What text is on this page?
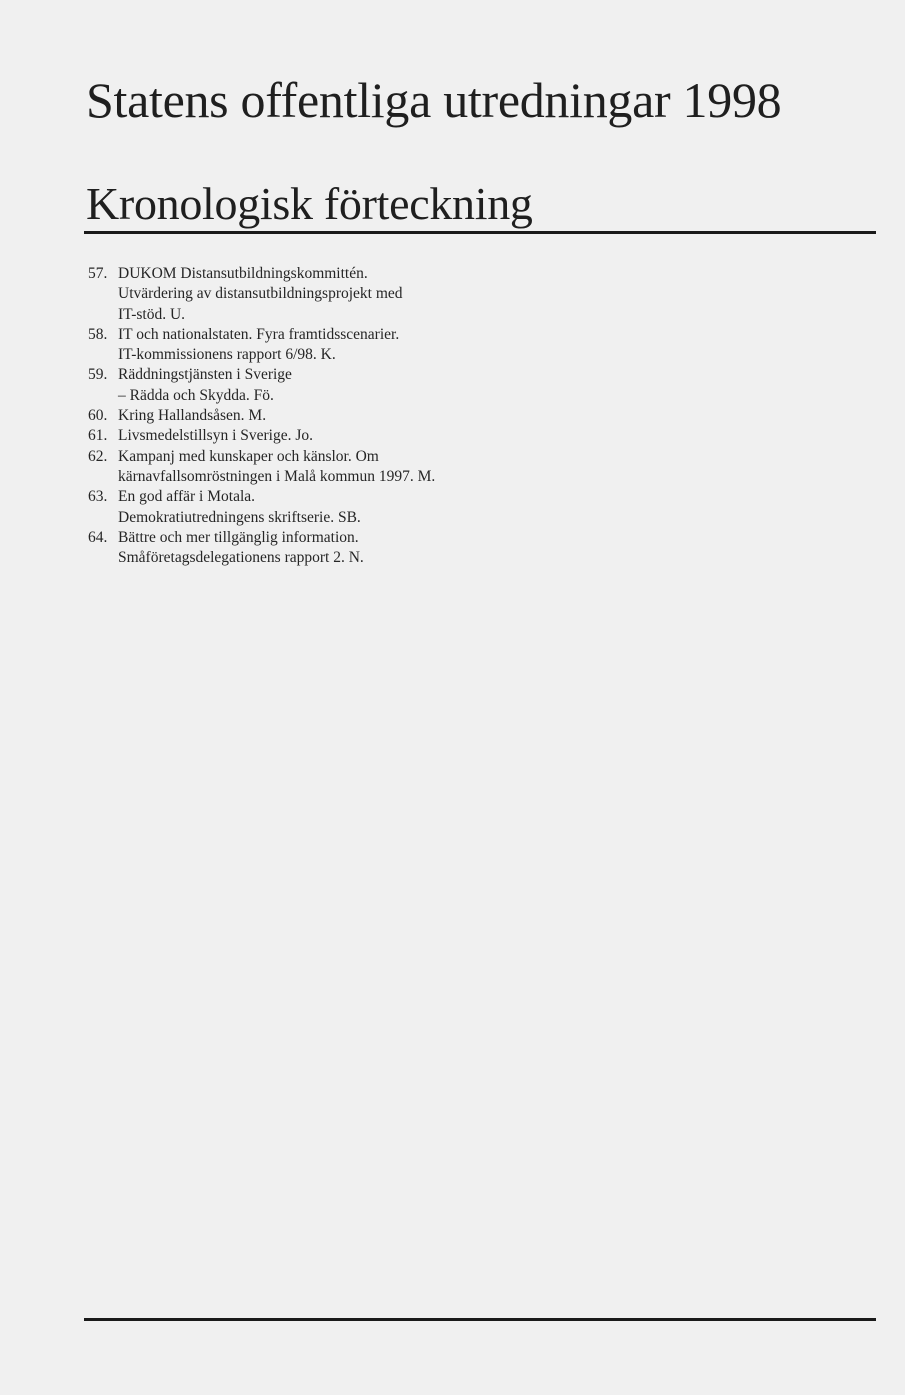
Statens offentliga utredningar 1998
Kronologisk förteckning
57. DUKOM Distansutbildningskommittén.
Utvärdering av distansutbildningsprojekt med
IT-stöd. U.
58. IT och nationalstaten. Fyra framtidsscenarier.
IT-kommissionens rapport 6/98. K.
59. Räddningstjänsten i Sverige
– Rädda och Skydda. Fö.
60. Kring Hallandsåsen. M.
61. Livsmedelstillsyn i Sverige. Jo.
62. Kampanj med kunskaper och känslor. Om
kärnavfallsomröstningen i Malå kommun 1997. M.
63. En god affär i Motala.
Demokratiutredningens skriftserie. SB.
64. Bättre och mer tillgänglig information.
Småföretagsdelegationens rapport 2. N.
